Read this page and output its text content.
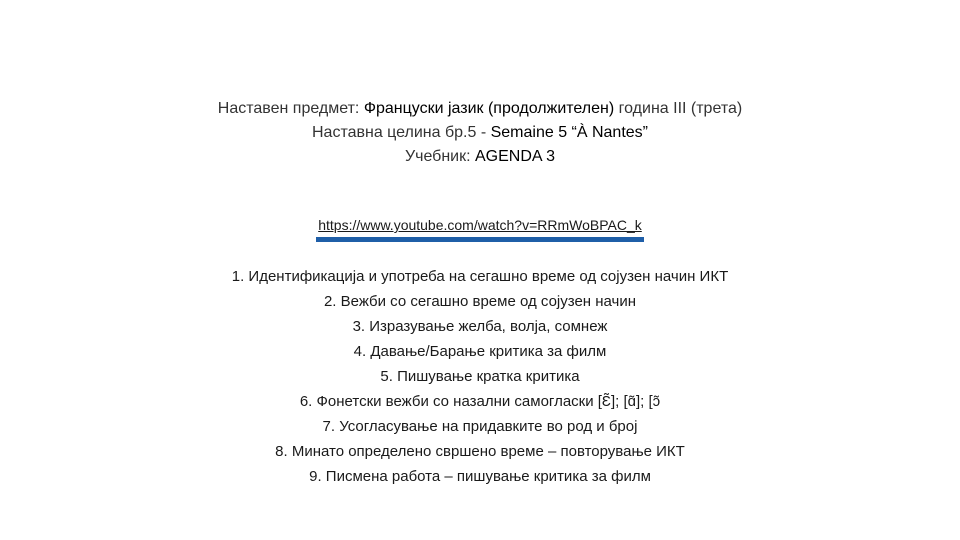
Наставен предмет: Француски јазик (продолжителен) година III (трета)
Наставна целина бр.5 - Semaine 5 “À Nantes”
Учебник: AGENDA 3
https://www.youtube.com/watch?v=RRmWoBPAC_k
1. Идентификација и употреба на сегашно време од сојузен начин ИКТ
2. Вежби со сегашно време од сојузен начин
3. Изразување желба, волја, сомнеж
4. Давање/Барање критика за филм
5. Пишување кратка критика
6. Фонетски вежби со назални самогласки [Ɛ̃]; [ɑ̃]; [ɔ̃
7. Усогласување на придавките во род и број
8. Минато определено свршено време – повторување ИКТ
9. Писмена работа – пишување критика за филм
